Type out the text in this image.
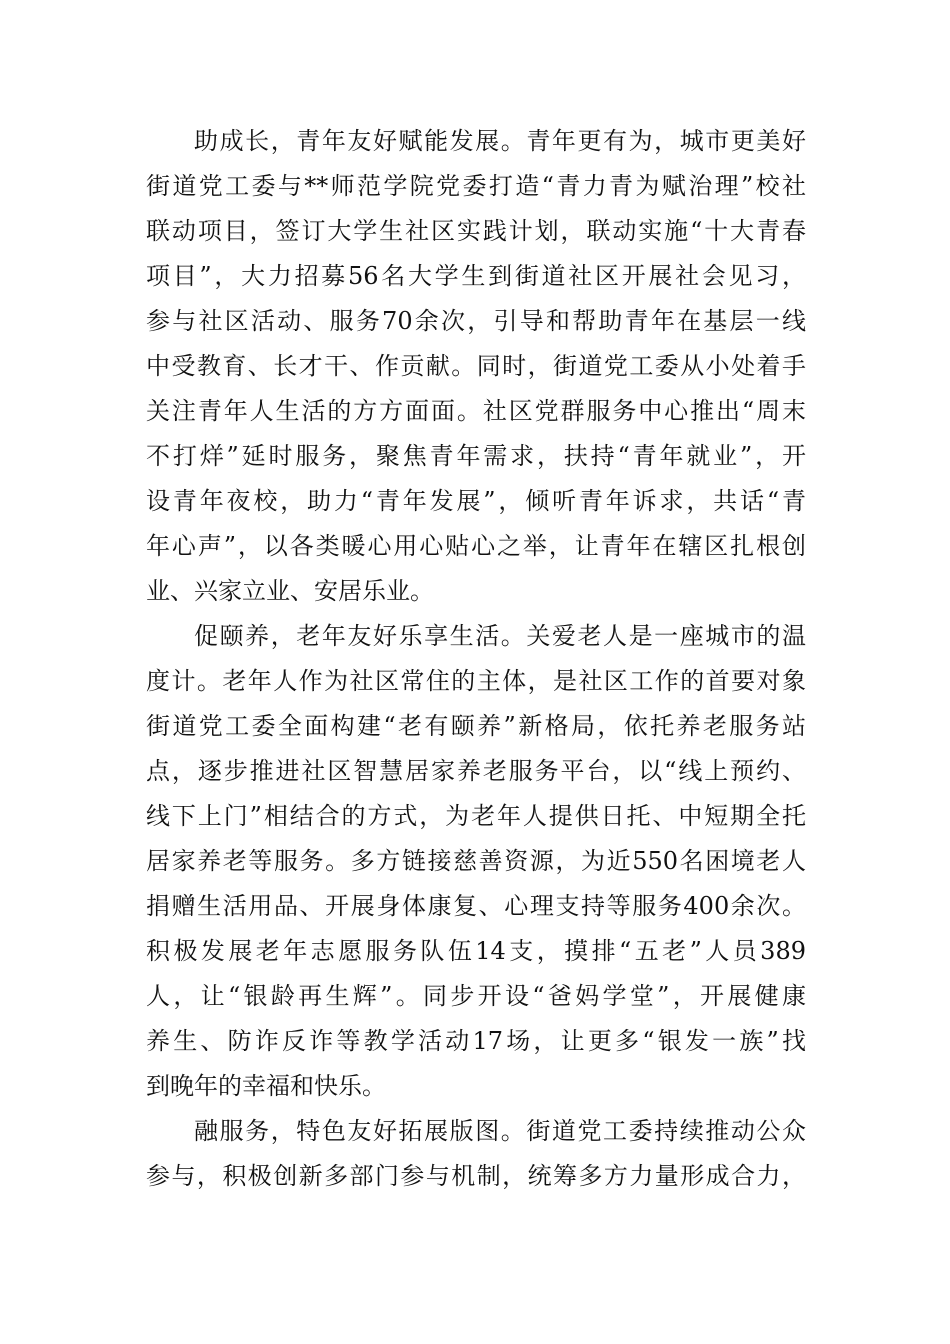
助成长，青年友好赋能发展。青年更有为，城市更美好
街道党工委与**师范学院党委打造“青力青为赋治理”校社
联动项目，签订大学生社区实践计划，联动实施“十大青春
项目”，大力招募56名大学生到街道社区开展社会见习，
参与社区活动、服务70余次，引导和帮助青年在基层一线
中受教育、长才干、作贡献。同时，街道党工委从小处着手
关注青年人生活的方方面面。社区党群服务中心推出“周末
不打烊”延时服务，聚焦青年需求，扶持“青年就业”，开
设青年夜校，助力“青年发展”，倾听青年诉求，共话“青
年心声”，以各类暖心用心贴心之举，让青年在辖区扎根创
业、兴家立业、安居乐业。
促颐养，老年友好乐享生活。关爱老人是一座城市的温
度计。老年人作为社区常住的主体，是社区工作的首要对象
街道党工委全面构建“老有颐养”新格局，依托养老服务站
点，逐步推进社区智慧居家养老服务平台，以“线上预约、
线下上门”相结合的方式，为老年人提供日托、中短期全托
居家养老等服务。多方链接慈善资源，为近550名困境老人
捐赠生活用品、开展身体康复、心理支持等服务400余次。
积极发展老年志愿服务队伍14支，摸排“五老”人员389
人，让“银龄再生辉”。同步开设“爸妈学堂”，开展健康
养生、防诈反诈等教学活动17场，让更多“银发一族”找
到晚年的幸福和快乐。
融服务，特色友好拓展版图。街道党工委持续推动公众
参与，积极创新多部门参与机制，统筹多方力量形成合力，
